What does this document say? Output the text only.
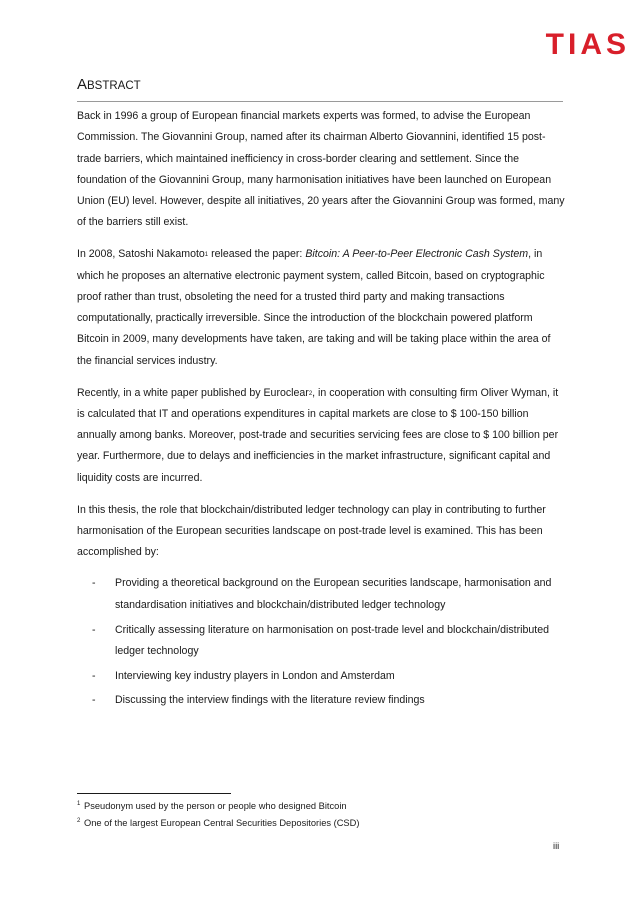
TIAS
ABSTRACT

Back in 1996 a group of European financial markets experts was formed, to advise the European Commission. The Giovannini Group, named after its chairman Alberto Giovannini, identified 15 post-trade barriers, which maintained inefficiency in cross-border clearing and settlement. Since the foundation of the Giovannini Group, many harmonisation initiatives have been launched on European Union (EU) level. However, despite all initiatives, 20 years after the Giovannini Group was formed, many of the barriers still exist.

In 2008, Satoshi Nakamoto$^1$ released the paper: Bitcoin: A Peer-to-Peer Electronic Cash System, in which he proposes an alternative electronic payment system, called Bitcoin, based on cryptographic proof rather than trust, obsoleting the need for a trusted third party and making transactions computationally, practically irreversible. Since the introduction of the blockchain powered platform Bitcoin in 2009, many developments have taken, are taking and will be taking place within the area of the financial services industry.

Recently, in a white paper published by Euroclear$^2$, in cooperation with consulting firm Oliver Wyman, it is calculated that IT and operations expenditures in capital markets are close to $ 100-150 billion annually among banks. Moreover, post-trade and securities servicing fees are close to $ 100 billion per year. Furthermore, due to delays and inefficiencies in the market infrastructure, significant capital and liquidity costs are incurred.

In this thesis, the role that blockchain/distributed ledger technology can play in contributing to further harmonisation of the European securities landscape on post-trade level is examined. This has been accomplished by:

- Providing a theoretical background on the European securities landscape, harmonisation and standardisation initiatives and blockchain/distributed ledger technology
- Critically assessing literature on harmonisation on post-trade level and blockchain/distributed ledger technology
- Interviewing key industry players in London and Amsterdam
- Discussing the interview findings with the literature review findings
1 Pseudonym used by the person or people who designed Bitcoin
2 One of the largest European Central Securities Depositories (CSD)
iii
